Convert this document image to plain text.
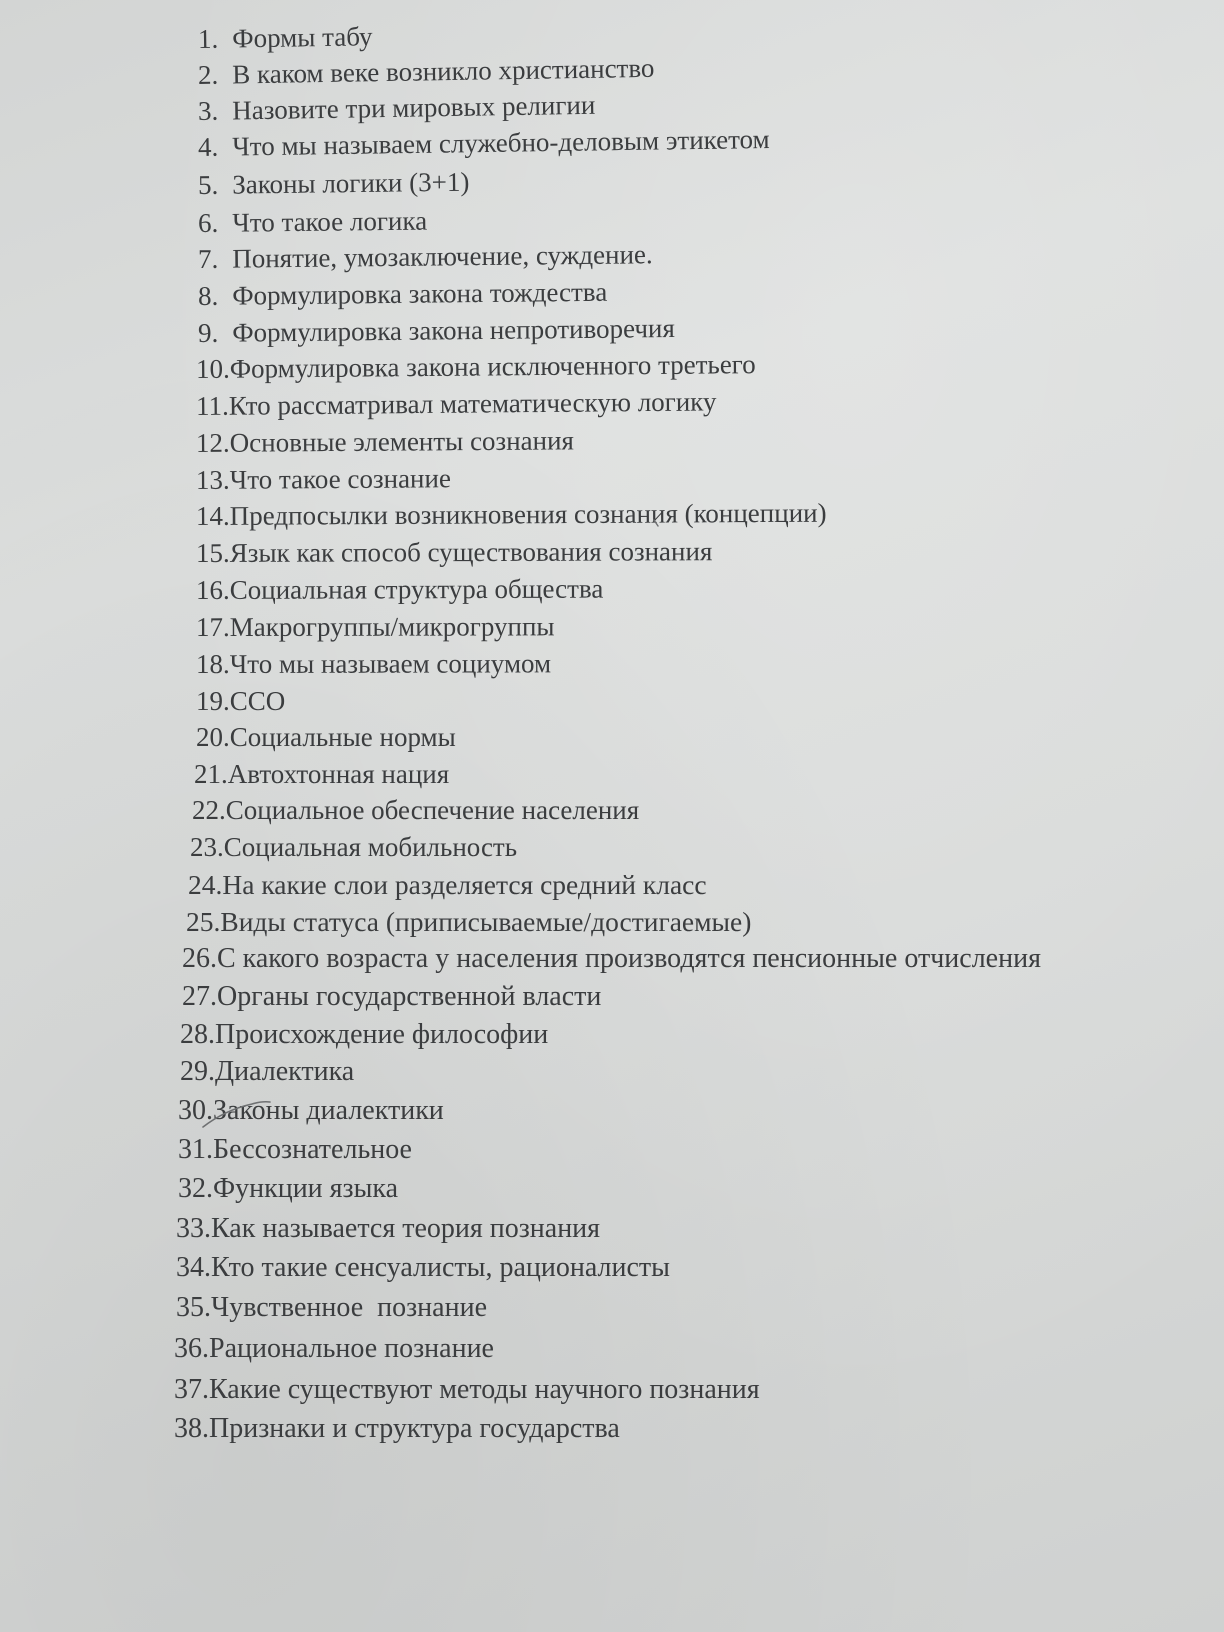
1. Формы табу
2. В каком веке возникло христианство
3. Назовите три мировых религии
4. Что мы называем служебно-деловым этикетом
5. Законы логики (3+1)
6. Что такое логика
7. Понятие, умозаключение, суждение.
8. Формулировка закона тождества
9. Формулировка закона непротиворечия
10.Формулировка закона исключенного третьего
11.Кто рассматривал математическую логику
12.Основные элементы сознания
13.Что такое сознание
14.Предпосылки возникновения сознания (концепции)
15.Язык как способ существования сознания
16.Социальная структура общества
17.Макрогруппы/микрогруппы
18.Что мы называем социумом
19.ССО
20.Социальные нормы
21.Автохтонная нация
22.Социальное обеспечение населения
23.Социальная мобильность
24.На какие слои разделяется средний класс
25.Виды статуса (приписываемые/достигаемые)
26.С какого возраста у населения производятся пенсионные отчисления
27.Органы государственной власти
28.Происхождение философии
29.Диалектика
30.Законы диалектики
31.Бессознательное
32.Функции языка
33.Как называется теория познания
34.Кто такие сенсуалисты, рационалисты
35.Чувственное  познание
36.Рациональное познание
37.Какие существуют методы научного познания
38.Признаки и структура государства
